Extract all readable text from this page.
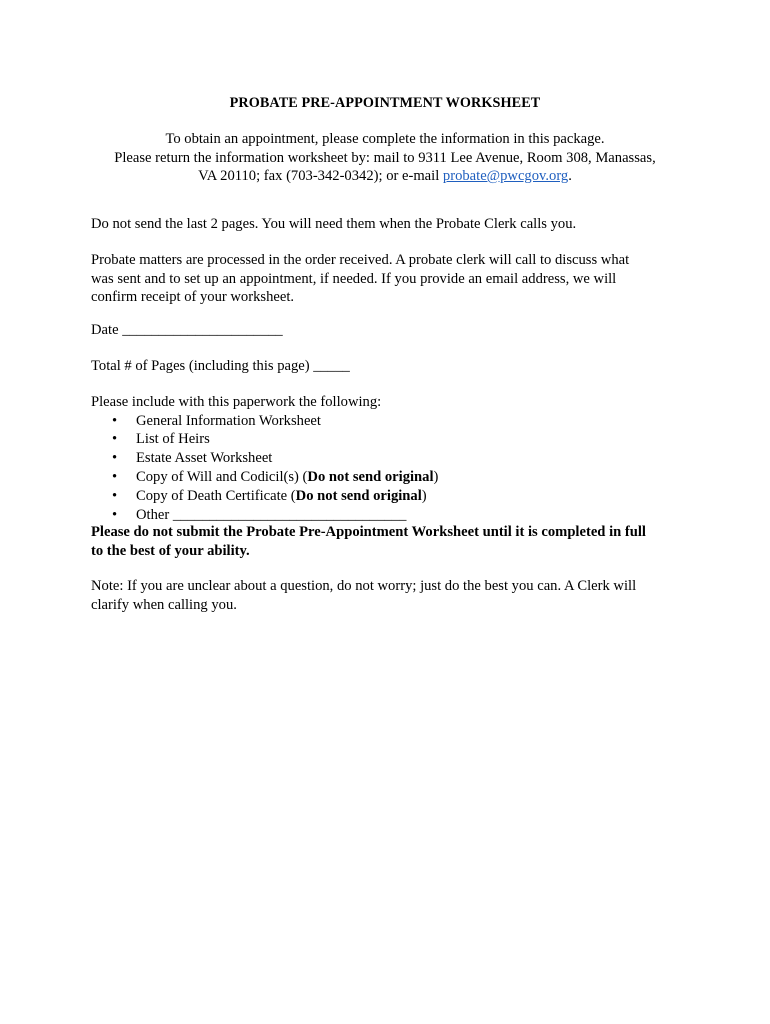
PROBATE PRE-APPOINTMENT WORKSHEET

To obtain an appointment, please complete the information in this package.

Please return the information worksheet by: mail to 9311 Lee Avenue, Room 308, Manassas,

VA 20110; fax (703-342-0342); or e-mail probate@pwcgov.org.

Do not send the last 2 pages. You will need them when the Probate Clerk calls you.

Probate matters are processed in the order received. A probate clerk will call to discuss what

was sent and to set up an appointment, if needed. If you provide an email address, we will

confirm receipt of your worksheet.

Date ______________________

Total # of Pages (including this page) _____

Please include with this paperwork the following:

• General Information Worksheet
• List of Heirs
• Estate Asset Worksheet
• Copy of Will and Codicil(s) (Do not send original)
• Copy of Death Certificate (Do not send original)
• Other ________________________________

Please do not submit the Probate Pre-Appointment Worksheet until it is completed in full

to the best of your ability.

Note: If you are unclear about a question, do not worry; just do the best you can. A Clerk will

clarify when calling you.
